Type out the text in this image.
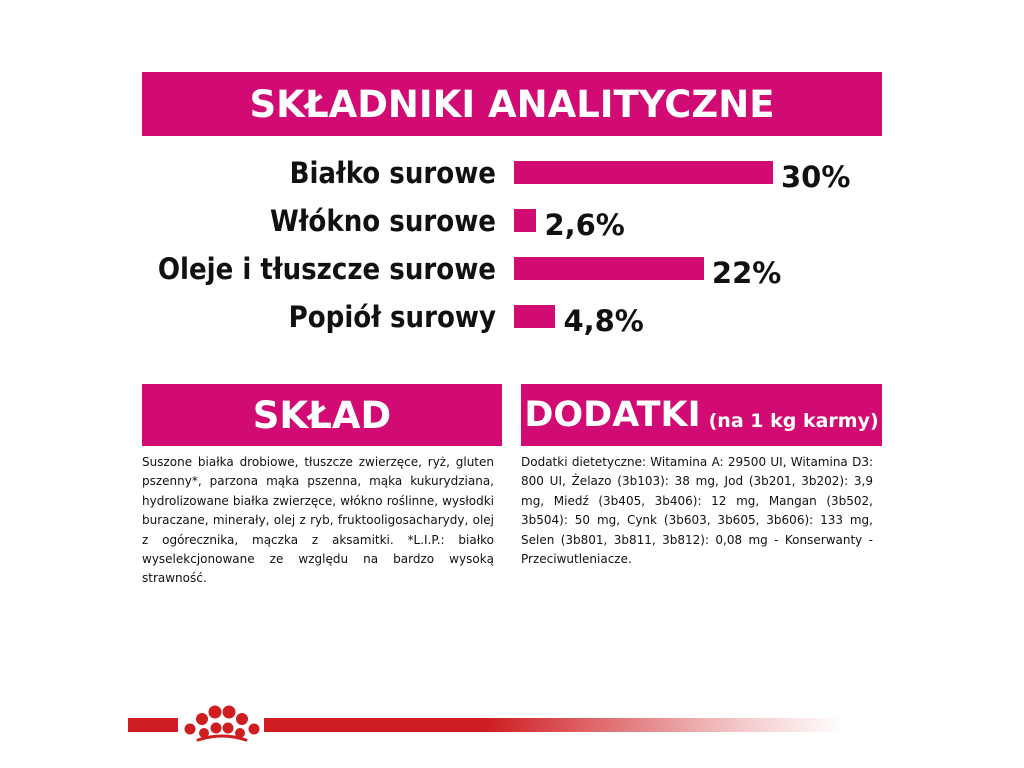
SKŁADNIKI ANALITYCZNE
Białko surowe	30%
Włókno surowe 2,6%
Oleje i tłuszcze surowe	22%
Popiół surowy 4,8%
SKŁAD
Suszone białka drobiowe, tłuszcze zwierzęce, ryż, gluten pszenny*, parzona mąka pszenna, mąka kukurydziana, hydrolizowane białka zwierzęce, włókno roślinne, wysłodki buraczane, minerały, olej z ryb, fruktooligosacharydy, olej z ogórecznika, mączka z aksamitki. *L.I.P.: białko wyselekcjonowane ze względu na bardzo wysoką strawność.
DODATKI (na 1 kg karmy)
Dodatki dietetyczne: Witamina A: 29500 UI, Witamina D3: 800 UI, Żelazo (3b103): 38 mg, Jod (3b201, 3b202): 3,9 mg, Miedź (3b405, 3b406): 12 mg, Mangan (3b502, 3b504): 50 mg, Cynk (3b603, 3b605, 3b606): 133 mg, Selen (3b801, 3b811, 3b812): 0,08 mg - Konserwanty - Przeciwutleniacze.
